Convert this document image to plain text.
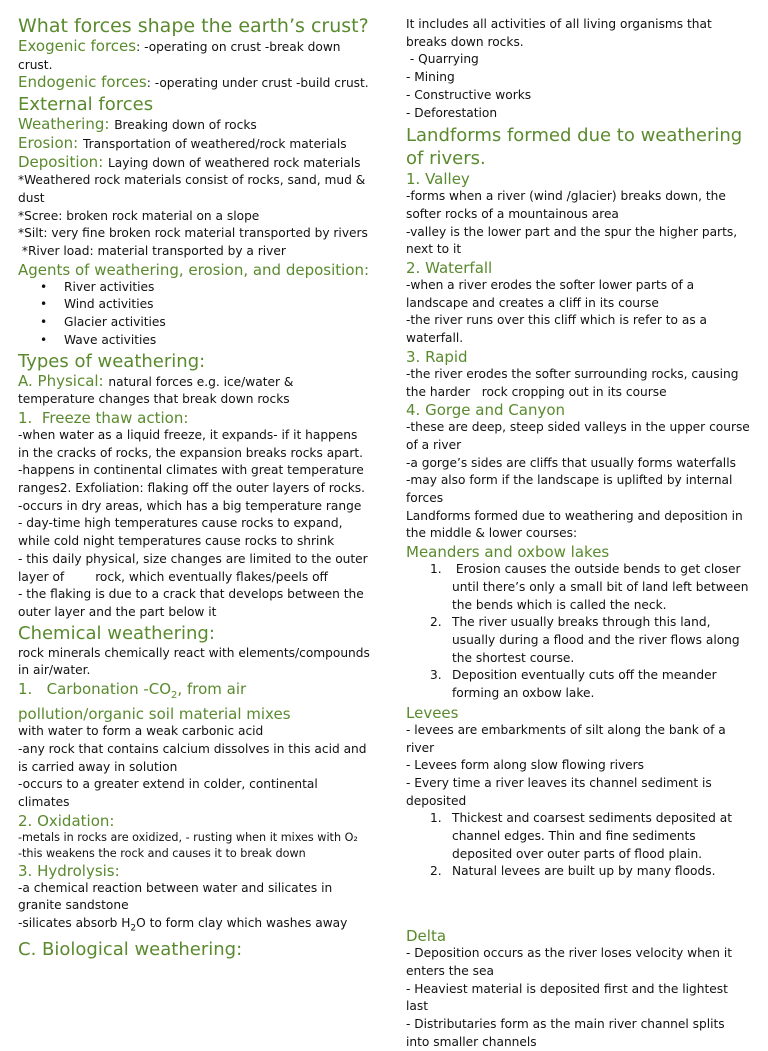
What forces shape the earth’s crust?

Exogenic forces: -operating on crust -break down crust.

Endogenic forces: -operating under crust -build crust.

External forces

Weathering: Breaking down of rocks

Erosion: Transportation of weathered/rock materials

Deposition: Laying down of weathered rock materials

*Weathered rock materials consist of rocks, sand, mud & dust

*Scree: broken rock material on a slope

*Silt: very fine broken rock material transported by rivers

*River load: material transported by a river

Agents of weathering, erosion, and deposition:
• River activities
• Wind activities
• Glacier activities
• Wave activities
Types of weathering:

A. Physical: natural forces e.g. ice/water & temperature changes that break down rocks

1.  Freeze thaw action:

-when water as a liquid freeze, it expands- if it happens in the cracks of rocks, the expansion breaks rocks apart.

-happens in continental climates with great temperature ranges2. Exfoliation: flaking off the outer layers of rocks.

-occurs in dry areas, which has a big temperature range

- day-time high temperatures cause rocks to expand, while cold night temperatures cause rocks to shrink

- this daily physical, size changes are limited to the outer layer of        rock, which eventually flakes/peels off

- the flaking is due to a crack that develops between the outer layer and the part below it

Chemical weathering:

rock minerals chemically react with elements/compounds in air/water.

1.   Carbonation $-CO_2$, from air pollution/organic soil material mixes

with water to form a weak carbonic acid

-any rock that contains calcium dissolves in this acid and is carried away in solution

-occurs to a greater extend in colder, continental climates

2. Oxidation:

-metals in rocks are oxidized, - rusting when it mixes with O₂

-this weakens the rock and causes it to break down

3. Hydrolysis:

-a chemical reaction between water and silicates in granite sandstone

-silicates absorb $H_2O$ to form clay which washes away

C. Biological weathering:

It includes all activities of all living organisms that breaks down rocks.

- Quarrying

- Mining

- Constructive works

- Deforestation

Landforms formed due to weathering of rivers.
1. Valley

-forms when a river (wind /glacier) breaks down, the softer rocks of a mountainous area

-valley is the lower part and the spur the higher parts, next to it

2. Waterfall

-when a river erodes the softer lower parts of a landscape and creates a cliff in its course

-the river runs over this cliff which is refer to as a waterfall.

3. Rapid

-the river erodes the softer surrounding rocks, causing the harder   rock cropping out in its course

4. Gorge and Canyon

-these are deep, steep sided valleys in the upper course of a river

-a gorge’s sides are cliffs that usually forms waterfalls

-may also form if the landscape is uplifted by internal forces

Landforms formed due to weathering and deposition in the middle & lower courses:

Meanders and oxbow lakes
1. Erosion causes the outside bends to get closer until there’s only a small bit of land left between the bends which is called the neck.
2. The river usually breaks through this land, usually during a flood and the river flows along the shortest course.
3. Deposition eventually cuts off the meander forming an oxbow lake.
Levees

- levees are embarkments of silt along the bank of a river

- Levees form along slow flowing rivers

- Every time a river leaves its channel sediment is deposited

1. Thickest and coarsest sediments deposited at channel edges. Thin and fine sediments deposited over outer parts of flood plain.
2. Natural levees are built up by many floods.
Delta

- Deposition occurs as the river loses velocity when it enters the sea

- Heaviest material is deposited first and the lightest last

- Distributaries form as the main river channel splits into smaller channels
